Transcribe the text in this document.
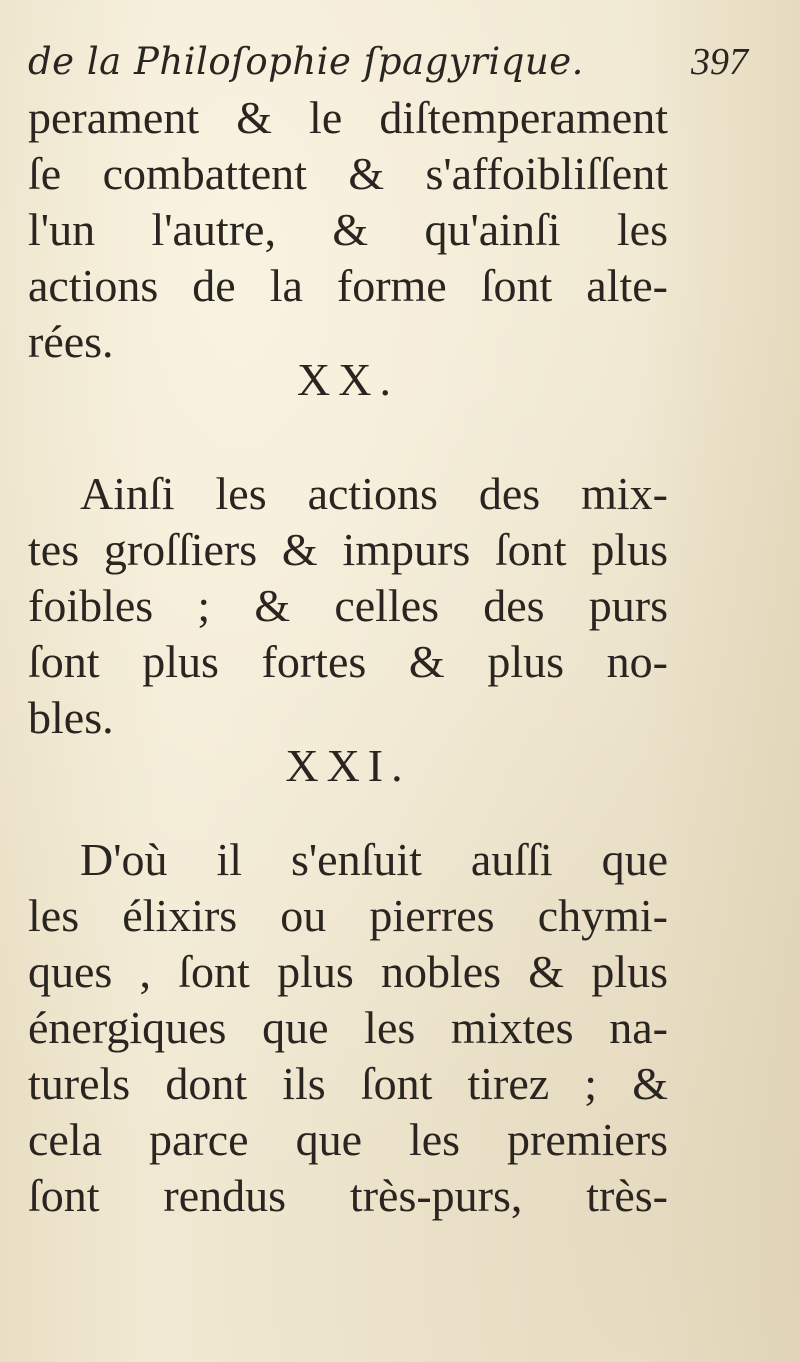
de la Philoſophie ſpagyrique.	397
perament & le diſtemperament
ſe combattent & s'affoibliſſent
l'un l'autre, & qu'ainſi les
actions de la forme ſont alte-
rées.
XX.
Ainſi les actions des mix-
tes groſſiers & impurs ſont plus
foibles ; & celles des purs
ſont plus fortes & plus no-
bles.
XXI.
D'où il s'enſuit auſſi que
les élixirs ou pierres chymi-
ques , ſont plus nobles & plus
énergiques que les mixtes na-
turels dont ils ſont tirez ; &
cela parce que les premiers
ſont rendus très-purs, très-
